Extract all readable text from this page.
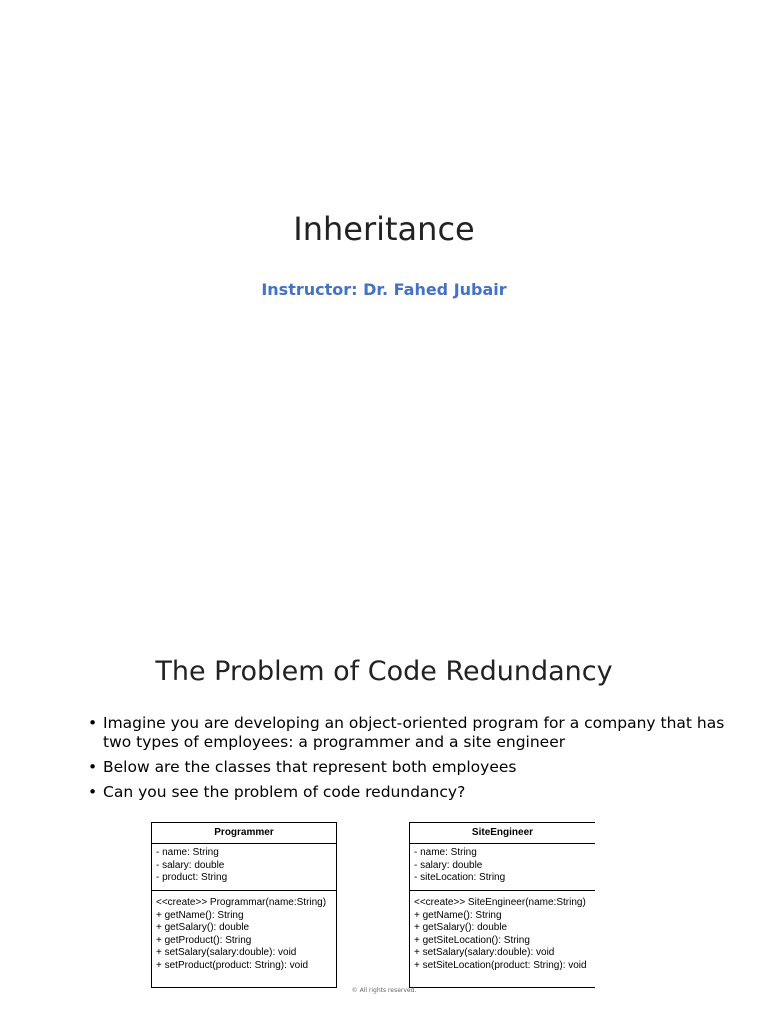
Inheritance
Instructor: Dr. Fahed Jubair
The Problem of Code Redundancy
• Imagine you are developing an object-oriented program for a company that has two types of employees: a programmer and a site engineer
• Below are the classes that represent both employees
• Can you see the problem of code redundancy?
Programmer
- name: String
- salary: double
- product: String
<<create>> Programmar(name:String)
+ getName(): String
+ getSalary(): double
+ getProduct(): String
+ setSalary(salary:double): void
+ setProduct(product: String): void
SiteEngineer
- name: String
- salary: double
- siteLocation: String
<<create>> SiteEngineer(name:String)
+ getName(): String
+ getSalary(): double
+ getSiteLocation(): String
+ setSalary(salary:double): void
+ setSiteLocation(product: String): void
© All rights reserved.
